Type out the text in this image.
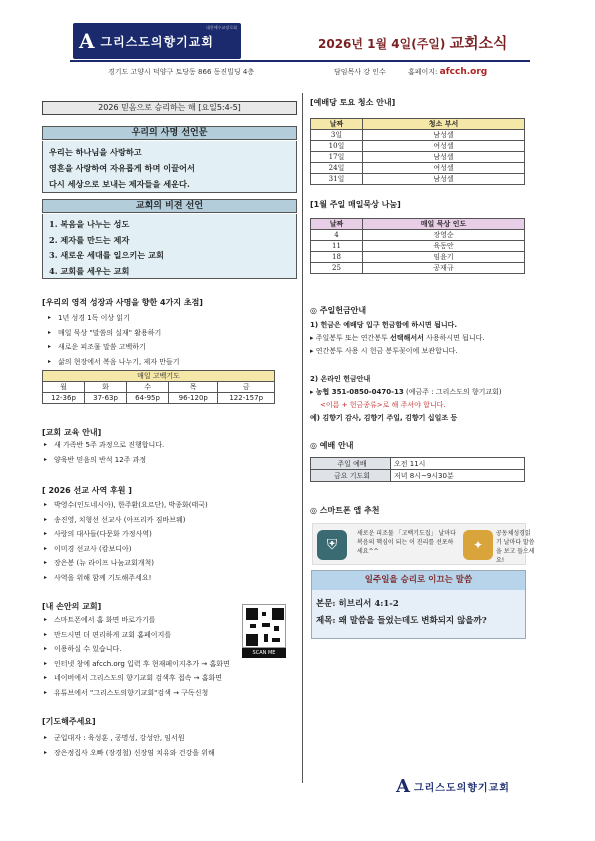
A 그리스도의향기교회
대한예수교장로회
2026년 1월 4일(주일) 교회소식
경기도 고양시 덕양구 토당동 866 동진빌딩 4층	담임목사 강 인수	홈페이지: afcch.org
2026 믿음으로 승리하는 해 [요일5:4-5]
우리의 사명 선언문
우리는 하나님을 사랑하고
영혼을 사랑하여 자유롭게 하며 이끌어서
다시 세상으로 보내는 제자들을 세운다.
교회의 비젼 선언
1. 복음을 나누는 성도
2. 제자를 만드는 제자
3. 새로운 세대를 일으키는 교회
4. 교회를 세우는 교회
[우리의 영적 성장과 사명을 향한 4가지 초점]
▸ 1년 성경 1독 이상 읽기
▸ 매일 묵상 "말씀의 실재" 활용하기
▸ 새로운 피조물 말씀 고백하기
▸ 삶의 현장에서 복음 나누기, 제자 만들기
매일 고백기도				
월	화	수	목	금
12-36p	37-63p	64-95p	96-120p	122-157p
[교회 교육 안내]
▸ 새 가족반 5주 과정으로 진행합니다.
▸ 양육반 믿음의 반석 12주 과정
[ 2026 선교 사역 후원 ]
▸ 박영수(인도네시아), 한주환(요르단), 박종화(태국)
▸ 송진영, 치형선 선교사 (아프리카 짐바브웨)
▸ 사랑의 대사들(다문화 가정사역)
▸ 이미경 선교사 (캄보디아)
▸ 장은봉 (뉴 라이프 나눔교회개척)
▸ 사역을 위해 함께 기도해주세요!
[내 손안의 교회]
▸ 스마트폰에서 홈 화면 바로가기를
▸ 만드시면 더 편리하게 교회 홈페이지를
▸ 이용하실 수 있습니다.
▸ 인터넷 창에 afcch.org 입력 후 현재페이지추가 → 홈화면
▸ 네이버에서 그리스도의 향기교회 검색후 접속 → 홈화면
▸ 유튜브에서 "그리스도의향기교회"검색 → 구독신청
SCAN ME
[기도해주세요]
▸ 군입대자 : 육성훈 , 공명성, 강성안, 임서원
▸ 장은정집사 오빠 (장경철) 신장염 치유와 건강을 위해
[예배당 토요 청소 안내]
날짜	청소 부서
3일	남성셀
10일	여성셀
17일	남성셀
24일	여성셀
31일	남성셀
[1월 주일 매일묵상 나눔]
날짜	매일 묵상 인도
4	장영순
11	육동안
18	임윤기
25	공재규
◎ 주일헌금안내
1) 헌금은 예배당 입구 헌금함에 하시면 됩니다.
▸ 주일봉투 또는 연간봉투 선택해서서 사용하시면 됩니다.
▸ 연간봉투 사용 시 헌금 봉투꽂이에 보관합니다.
2) 온라인 헌금안내
▸ 농협 351-0850-0470-13 (예금주 : 그리스도의 향기교회)
<이름 + 헌금종류>로 해 주셔야 합니다.
예) 김향기 감사, 김향기 주일, 김향기 십일조 등
◎ 예배 안내
주일 예배	오전 11시
금요 기도회	저녁 8시~9시30분
◎ 스마트폰 앱 추천
⛨
새로운 피조물 「고백기도집」 날마다 복음의 핵심이 되는 이 진리를 선포하세요^^	✦
공동체성경읽기 날마다 말씀을 보고 들으세요!
일주일을 승리로 이끄는 말씀
본문: 히브리서 4:1-2
제목: 왜 말씀을 들었는데도 변화되지 않을까?
A 그리스도의향기교회
